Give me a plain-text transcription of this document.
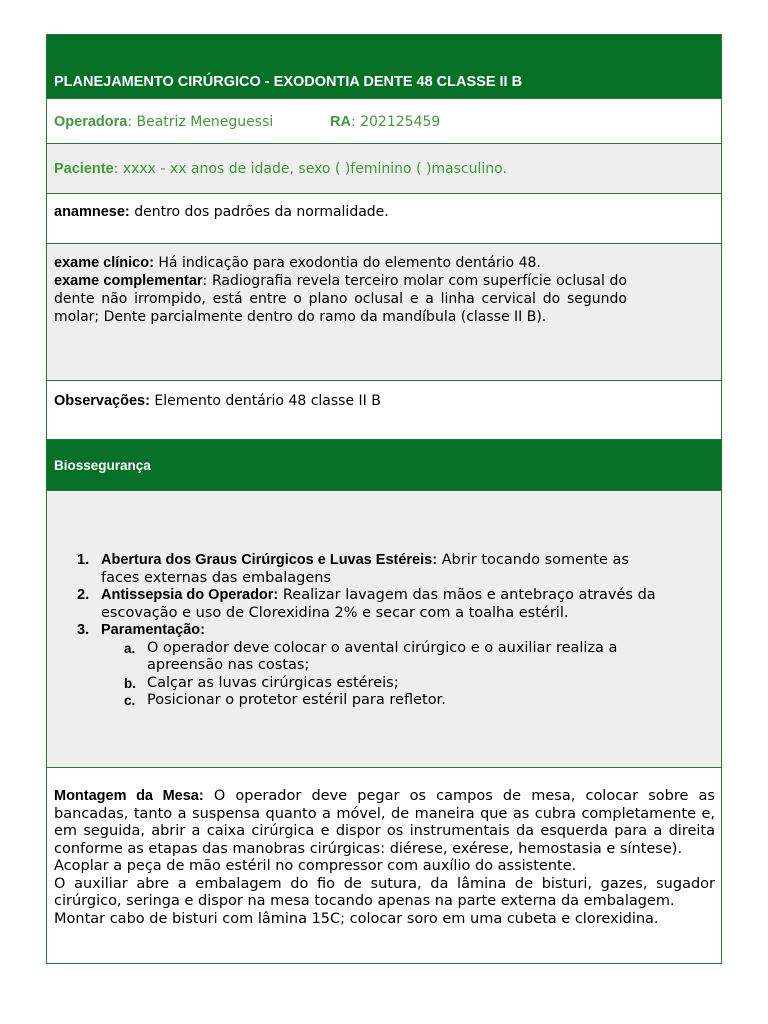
PLANEJAMENTO CIRÚRGICO - EXODONTIA DENTE 48 CLASSE II B
Operadora: Beatriz Meneguessi	RA: 202125459
Paciente: xxxx - xx anos de idade, sexo ( )feminino ( )masculino.
anamnese: dentro dos padrões da normalidade.
exame clínico: Há indicação para exodontia do elemento dentário 48.
exame complementar: Radiografia revela terceiro molar com superfície oclusal do dente não irrompido, está entre o plano oclusal e a linha cervical do segundo molar; Dente parcialmente dentro do ramo da mandíbula (classe II B).
Observações: Elemento dentário 48 classe II B
Biossegurança
1. Abertura dos Graus Cirúrgicos e Luvas Estéreis: Abrir tocando somente as faces externas das embalagens
2. Antissepsia do Operador: Realizar lavagem das mãos e antebraço através da escovação e uso de Clorexidina 2% e secar com a toalha estéril.
3. Paramentação:
a. O operador deve colocar o avental cirúrgico e o auxiliar realiza a apreensão nas costas;
b. Calçar as luvas cirúrgicas estéreis;
c. Posicionar o protetor estéril para refletor.
Montagem da Mesa: O operador deve pegar os campos de mesa, colocar sobre as bancadas, tanto a suspensa quanto a móvel, de maneira que as cubra completamente e, em seguida, abrir a caixa cirúrgica e dispor os instrumentais da esquerda para a direita conforme as etapas das manobras cirúrgicas: diérese, exérese, hemostasia e síntese).
Acoplar a peça de mão estéril no compressor com auxílio do assistente.
O auxiliar abre a embalagem do fio de sutura, da lâmina de bisturi, gazes, sugador cirúrgico, seringa e dispor na mesa tocando apenas na parte externa da embalagem.
Montar cabo de bisturi com lâmina 15C; colocar soro em uma cubeta e clorexidina.
